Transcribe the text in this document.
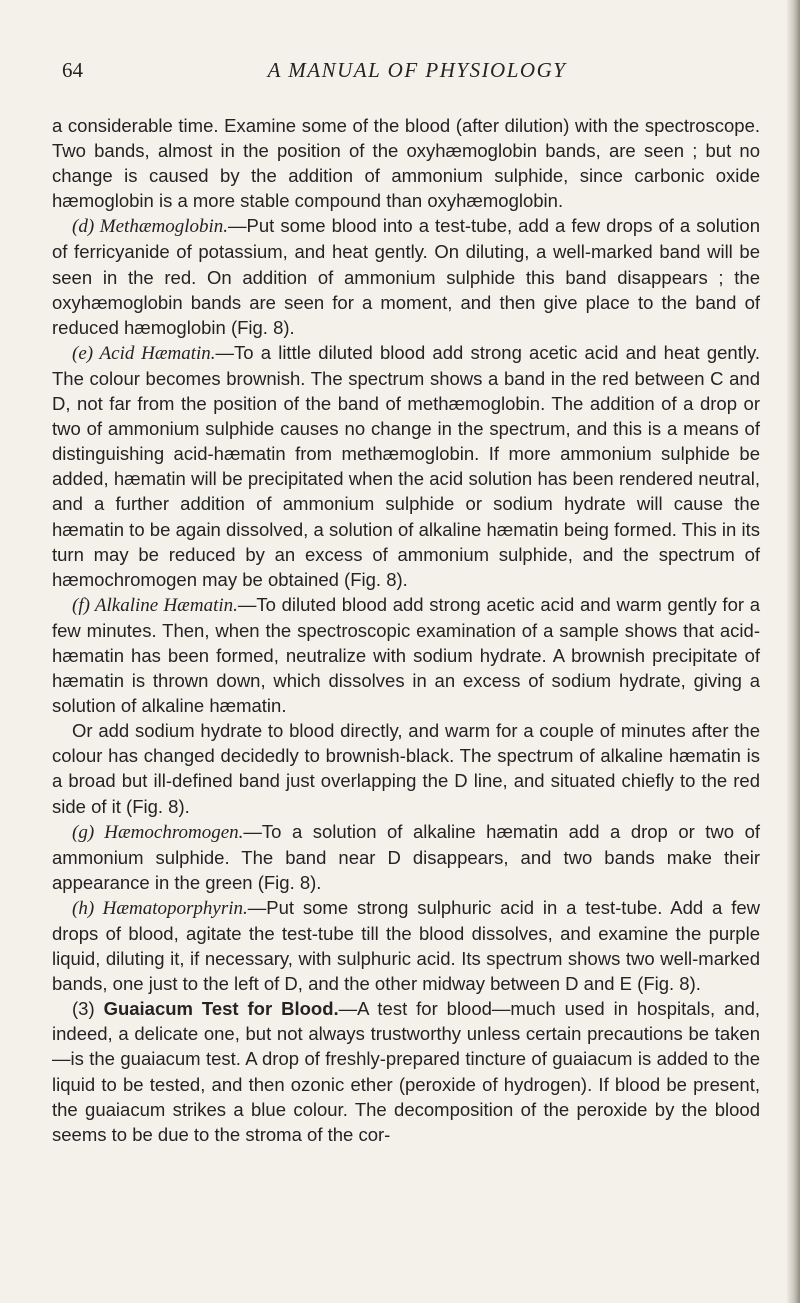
64	A MANUAL OF PHYSIOLOGY

a considerable time. Examine some of the blood (after dilution) with the spectroscope. Two bands, almost in the position of the oxyhæmoglobin bands, are seen ; but no change is caused by the addition of ammonium sulphide, since carbonic oxide hæmoglobin is a more stable compound than oxyhæmoglobin.

(d) Methæmoglobin.—Put some blood into a test-tube, add a few drops of a solution of ferricyanide of potassium, and heat gently. On diluting, a well-marked band will be seen in the red. On addition of ammonium sulphide this band disappears ; the oxyhæmoglobin bands are seen for a moment, and then give place to the band of reduced hæmoglobin (Fig. 8).

(e) Acid Hæmatin.—To a little diluted blood add strong acetic acid and heat gently. The colour becomes brownish. The spectrum shows a band in the red between C and D, not far from the position of the band of methæmoglobin. The addition of a drop or two of ammonium sulphide causes no change in the spectrum, and this is a means of distinguishing acid-hæmatin from methæmoglobin. If more ammonium sulphide be added, hæmatin will be precipitated when the acid solution has been rendered neutral, and a further addition of ammonium sulphide or sodium hydrate will cause the hæmatin to be again dissolved, a solution of alkaline hæmatin being formed. This in its turn may be reduced by an excess of ammonium sulphide, and the spectrum of hæmochromogen may be obtained (Fig. 8).

(f) Alkaline Hæmatin.—To diluted blood add strong acetic acid and warm gently for a few minutes. Then, when the spectroscopic examination of a sample shows that acid-hæmatin has been formed, neutralize with sodium hydrate. A brownish precipitate of hæmatin is thrown down, which dissolves in an excess of sodium hydrate, giving a solution of alkaline hæmatin.

Or add sodium hydrate to blood directly, and warm for a couple of minutes after the colour has changed decidedly to brownish-black. The spectrum of alkaline hæmatin is a broad but ill-defined band just overlapping the D line, and situated chiefly to the red side of it (Fig. 8).

(g) Hæmochromogen.—To a solution of alkaline hæmatin add a drop or two of ammonium sulphide. The band near D disappears, and two bands make their appearance in the green (Fig. 8).

(h) Hæmatoporphyrin.—Put some strong sulphuric acid in a test-tube. Add a few drops of blood, agitate the test-tube till the blood dissolves, and examine the purple liquid, diluting it, if necessary, with sulphuric acid. Its spectrum shows two well-marked bands, one just to the left of D, and the other midway between D and E (Fig. 8).

(3) Guaiacum Test for Blood.—A test for blood—much used in hospitals, and, indeed, a delicate one, but not always trustworthy unless certain precautions be taken—is the guaiacum test. A drop of freshly-prepared tincture of guaiacum is added to the liquid to be tested, and then ozonic ether (peroxide of hydrogen). If blood be present, the guaiacum strikes a blue colour. The decomposition of the peroxide by the blood seems to be due to the stroma of the cor-
